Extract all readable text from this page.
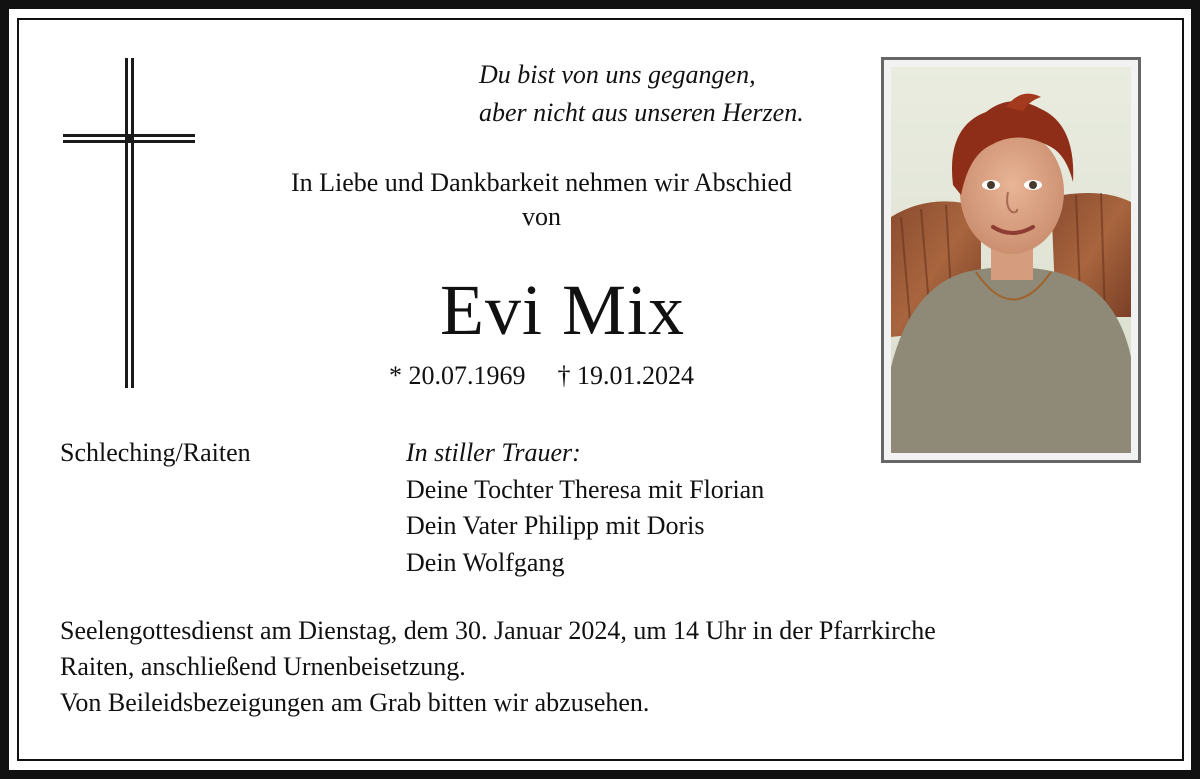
Du bist von uns gegangen,
aber nicht aus unseren Herzen.
In Liebe und Dankbarkeit nehmen wir Abschied
von
Evi Mix
* 20.07.1969 † 19.01.2024
Schleching/Raiten	In stiller Trauer:
Deine Tochter Theresa mit Florian
Dein Vater Philipp mit Doris
Dein Wolfgang
Seelengottesdienst am Dienstag, dem 30. Januar 2024, um 14 Uhr in der Pfarrkirche
Raiten, anschließend Urnenbeisetzung.
Von Beileidsbezeigungen am Grab bitten wir abzusehen.
